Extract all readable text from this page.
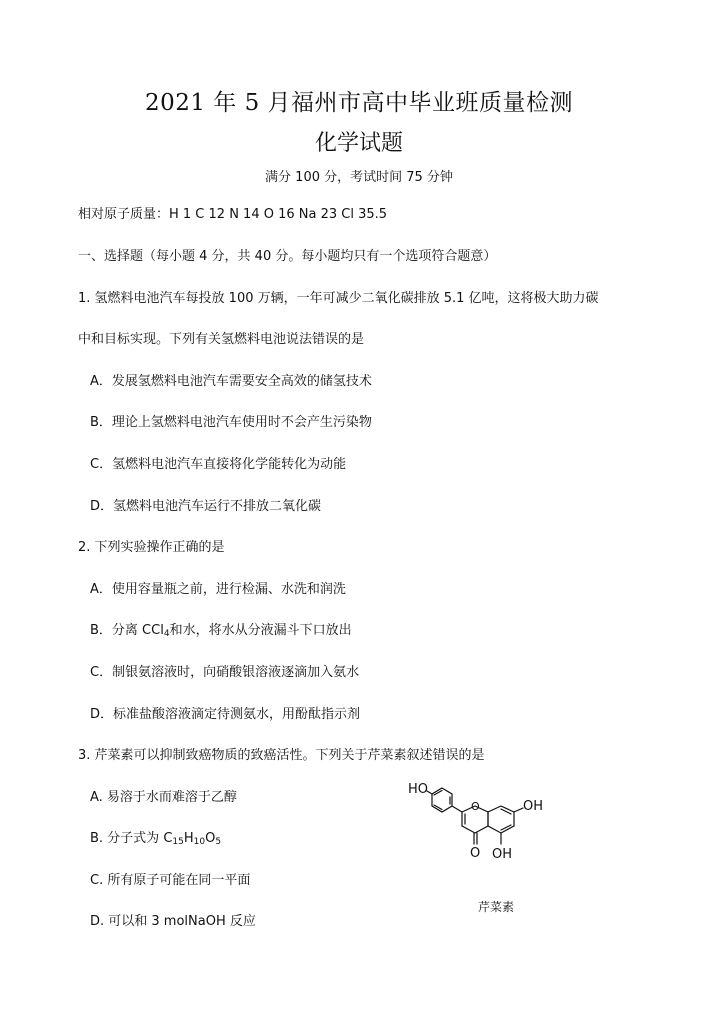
2021 年 5 月福州市高中毕业班质量检测
化学试题
满分 100 分，考试时间 75 分钟
相对原子质量：H 1 C 12 N 14 O 16 Na 23 Cl 35.5
一、选择题（每小题 4 分，共 40 分。每小题均只有一个选项符合题意）
1. 氢燃料电池汽车每投放 100 万辆，一年可减少二氧化碳排放 5.1 亿吨，这将极大助力碳
中和目标实现。下列有关氢燃料电池说法错误的是
A．发展氢燃料电池汽车需要安全高效的储氢技术
B．理论上氢燃料电池汽车使用时不会产生污染物
C．氢燃料电池汽车直接将化学能转化为动能
D．氢燃料电池汽车运行不排放二氧化碳
2. 下列实验操作正确的是
A．使用容量瓶之前，进行检漏、水洗和润洗
B．分离 CCl$_4$和水，将水从分液漏斗下口放出
C．制银氨溶液时，向硝酸银溶液逐滴加入氨水
D．标准盐酸溶液滴定待测氨水，用酚酞指示剂
3. 芹菜素可以抑制致癌物质的致癌活性。下列关于芹菜素叙述错误的是
A. 易溶于水而难溶于乙醇
B. 分子式为 $C_{15}H_{10}O_5$
C. 所有原子可能在同一平面
D. 可以和 3 molNaOH 反应
HO
OH
OH
O
O
芹菜素
